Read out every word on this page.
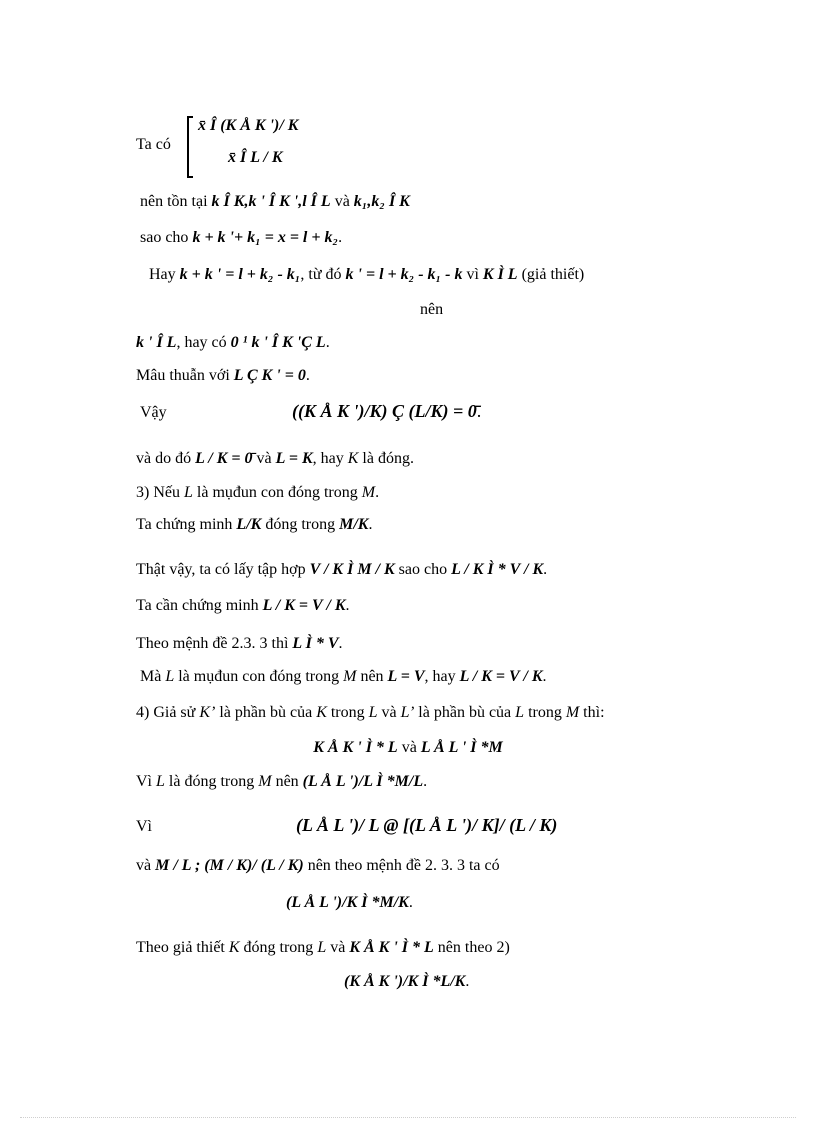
Ta có
x̄ Î (K Å K ')/ K
x̄ Î L / K
nên tồn tại k Î K,k ' Î K ',l Î L và k₁,k₂ Î K
sao cho k + k '+ k₁ = x = l + k₂.
Hay k + k ' = l + k₂ - k₁, từ đó k ' = l + k₂ - k₁ - k vì K Ì L (giả thiết)
nên
k ' Î L, hay có 0 ¹ k ' Î K 'Ç L.
Mâu thuẫn với L Ç K ' = 0.
Vậy	((K Å K ')/K) Ç (L/K) = 0̄.
và do đó L / K = 0̄ và L = K, hay K là đóng.
3) Nếu L là mụđun con đóng trong M.
Ta chứng minh L/K đóng trong M/K.
Thật vậy, ta có lấy tập hợp V / K Ì M / K sao cho L / K Ì * V / K.
Ta cần chứng minh L / K = V / K.
Theo mệnh đề 2.3. 3 thì L Ì * V.
Mà L là mụđun con đóng trong M nên L = V, hay L / K = V / K.
4) Giả sử K’ là phần bù của K trong L và L’ là phần bù của L trong M thì:
K Å K ' Ì * L và L Å L ' Ì *M
Vì L là đóng trong M nên (L Å L ')/L Ì *M/L.
Vì	(L Å L ')/ L @ [(L Å L ')/ K]/ (L / K)
và M / L ; (M / K)/ (L / K) nên theo mệnh đề 2. 3. 3 ta có
(L Å L ')/K Ì *M/K.
Theo giả thiết K đóng trong L và K Å K ' Ì * L nên theo 2)
(K Å K ')/K Ì *L/K.
